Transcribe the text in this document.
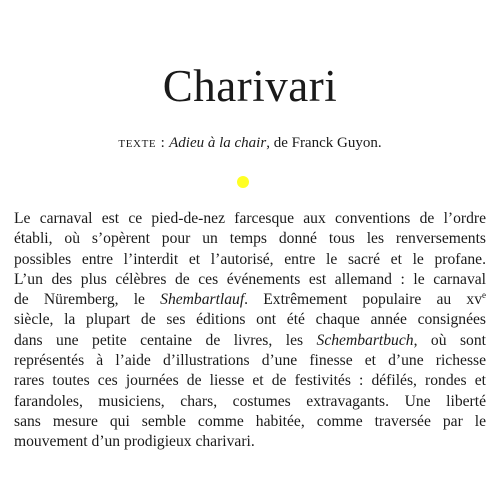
Charivari
texte : Adieu à la chair, de Franck Guyon.

Le carnaval est ce pied-de-nez farcesque aux conventions de l’ordre
établi, où s’opèrent pour un temps donné tous les renversements
possibles entre l’interdit et l’autorisé, entre le sacré et le profane.
L’un des plus célèbres de ces événements est allemand : le carnaval
de Nüremberg, le Shembartlauf. Extrêmement populaire au $xv^e$
siècle, la plupart de ses éditions ont été chaque année consignées
dans une petite centaine de livres, les Schembartbuch, où sont
représentés à l’aide d’illustrations d’une finesse et d’une richesse
rares toutes ces journées de liesse et de festivités : défilés, rondes et
farandoles, musiciens, chars, costumes extravagants. Une liberté
sans mesure qui semble comme habitée, comme traversée par le
mouvement d’un prodigieux charivari.
